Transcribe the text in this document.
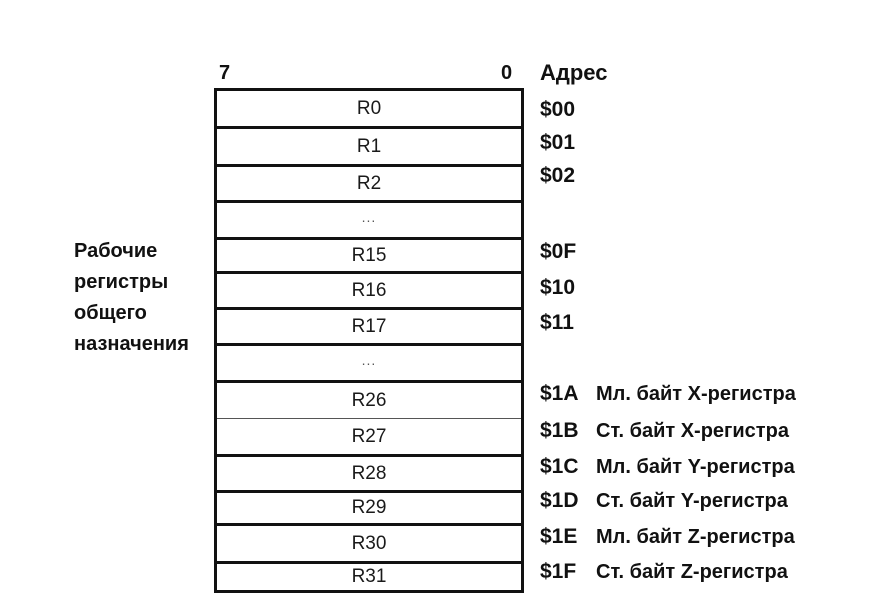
7	0 Адрес
Рабочие
регистры
общего
назначения
R0
R1
R2
...
R15
R16
R17
...
R26
R27
R28
R29
R30
R31
$00
$01
$02
$0F
$10
$11
$1A Мл. байт X-регистра
$1B Ст. байт X-регистра
$1C Мл. байт Y-регистра
$1D Ст. байт Y-регистра
$1E Мл. байт Z-регистра
$1F Ст. байт Z-регистра
